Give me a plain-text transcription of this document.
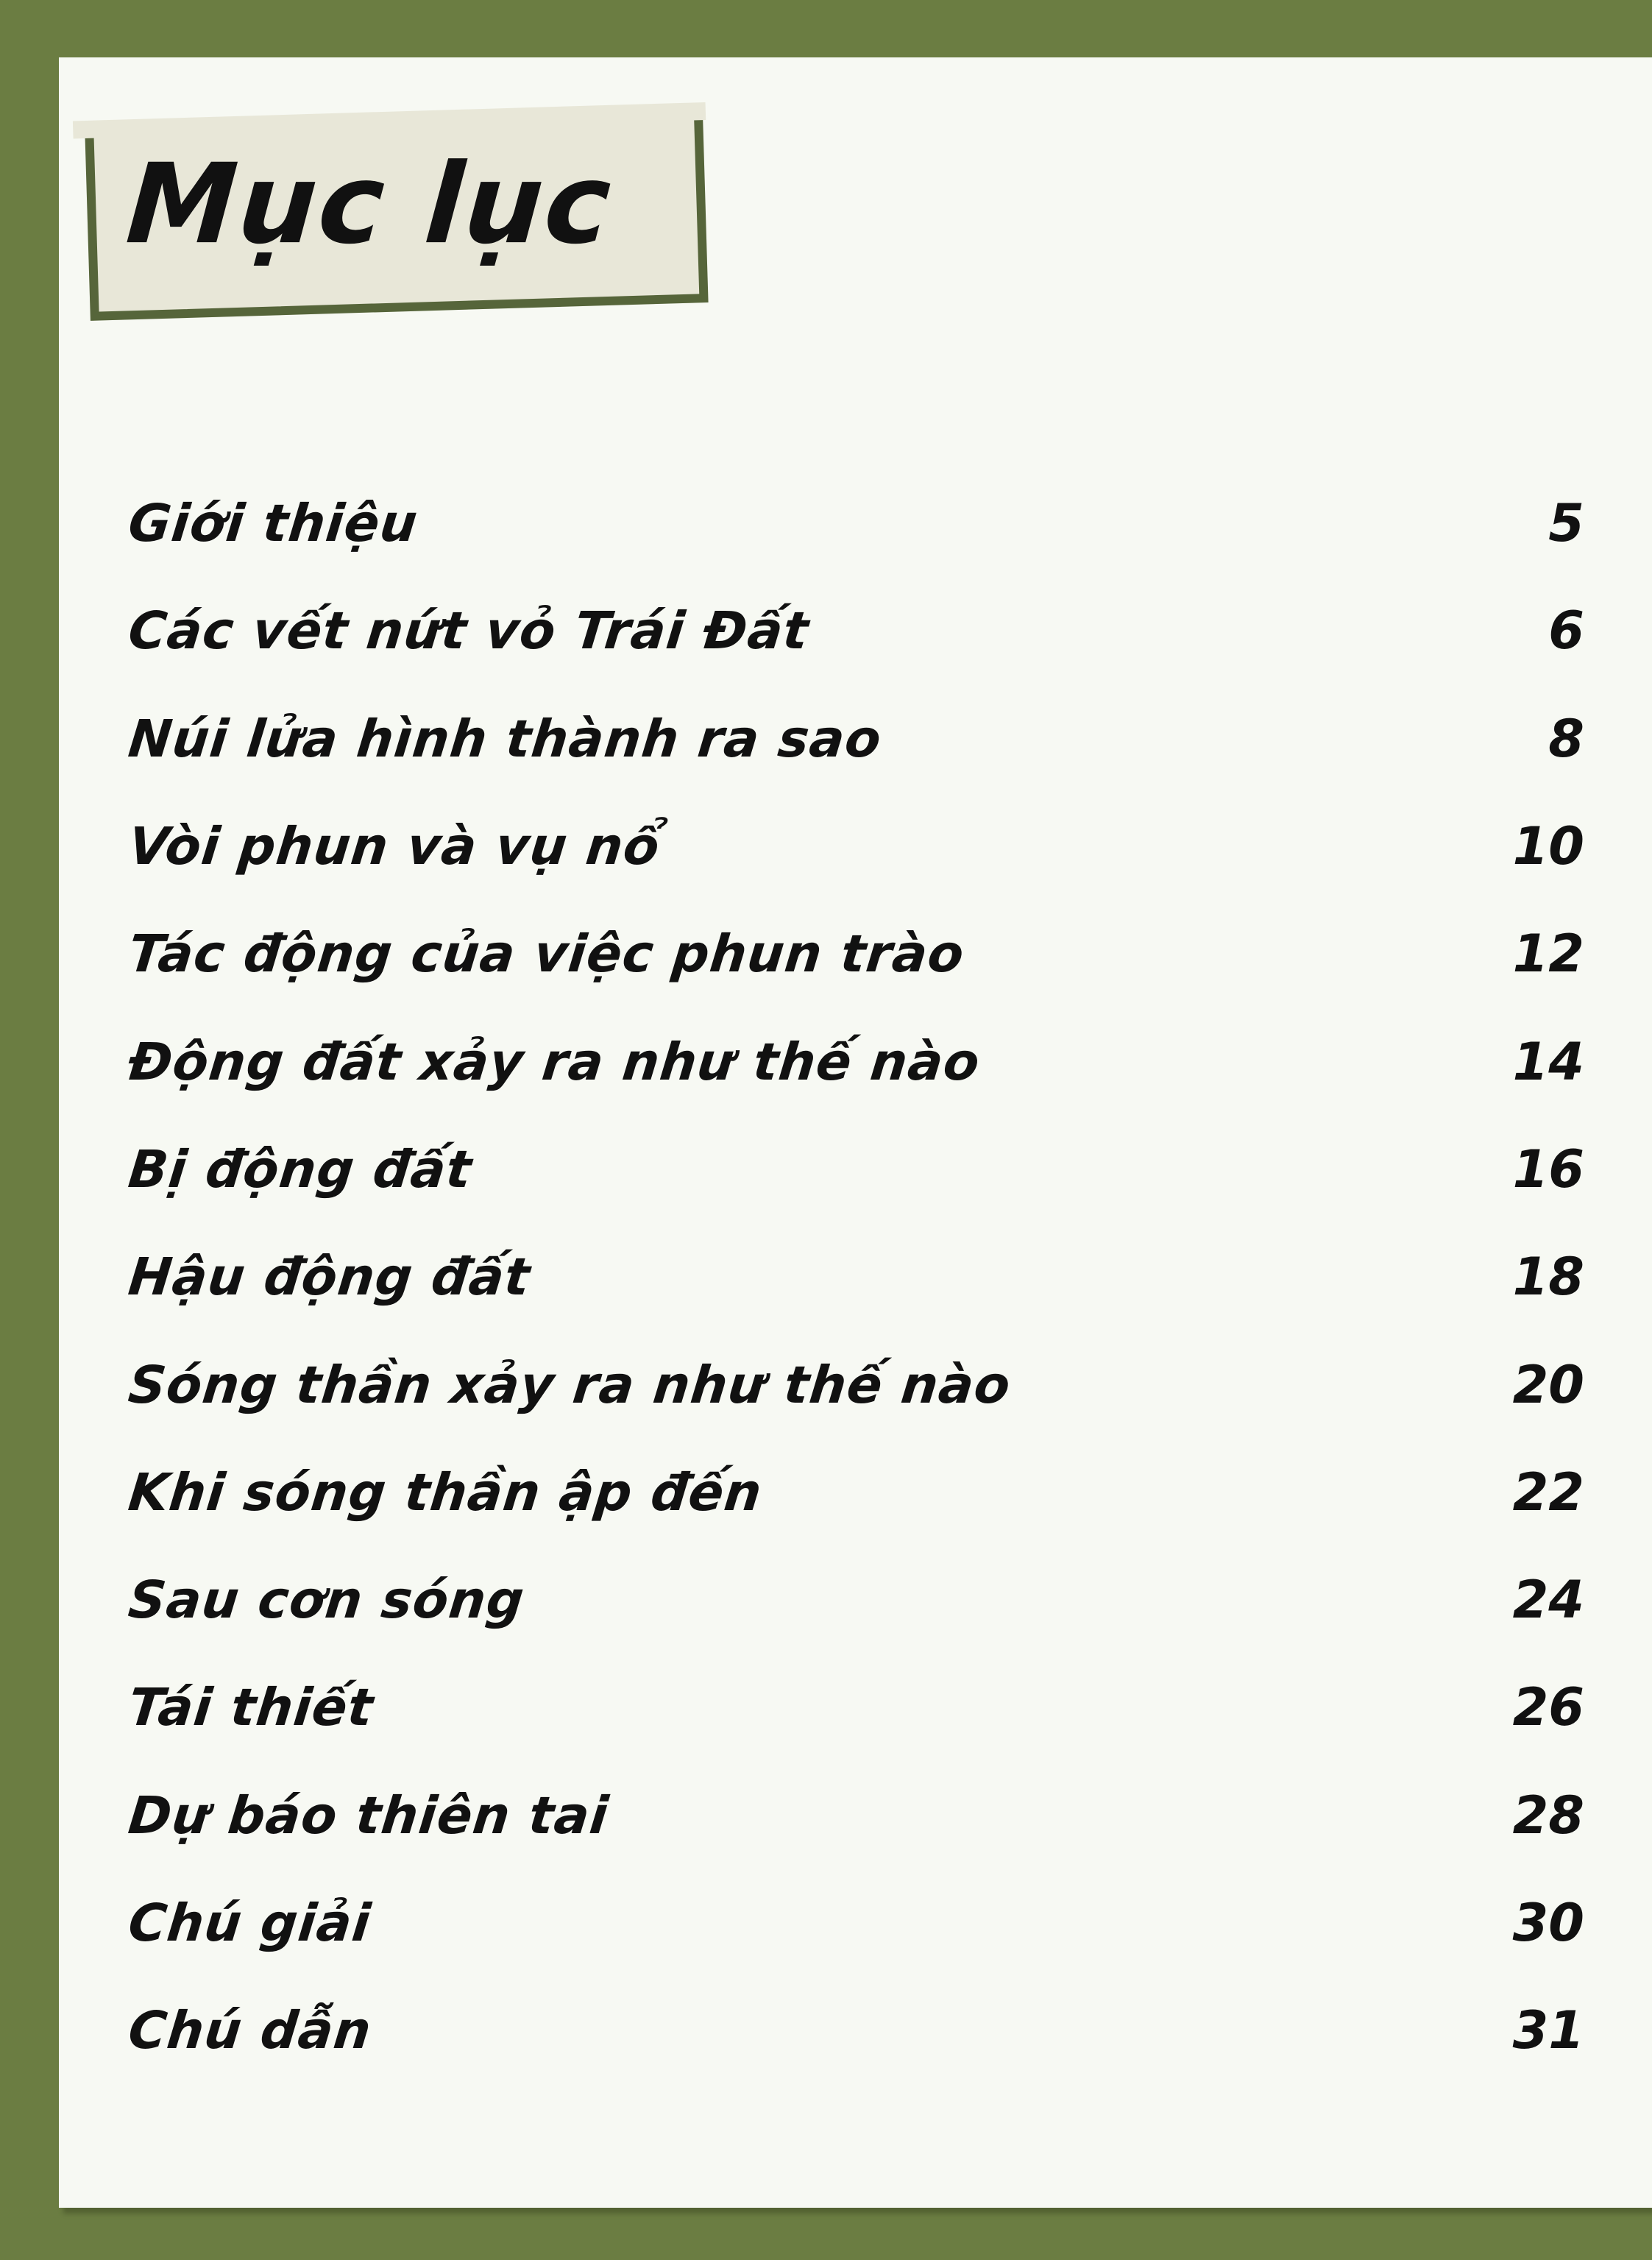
Mục lục
Giới thiệu	5
Các vết nứt vỏ Trái Đất	6
Núi lửa hình thành ra sao	8
Vòi phun và vụ nổ	10
Tác động của việc phun trào	12
Động đất xảy ra như thế nào	14
Bị động đất	16
Hậu động đất	18
Sóng thần xảy ra như thế nào	20
Khi sóng thần ập đến	22
Sau cơn sóng	24
Tái thiết	26
Dự báo thiên tai	28
Chú giải	30
Chú dẫn	31
